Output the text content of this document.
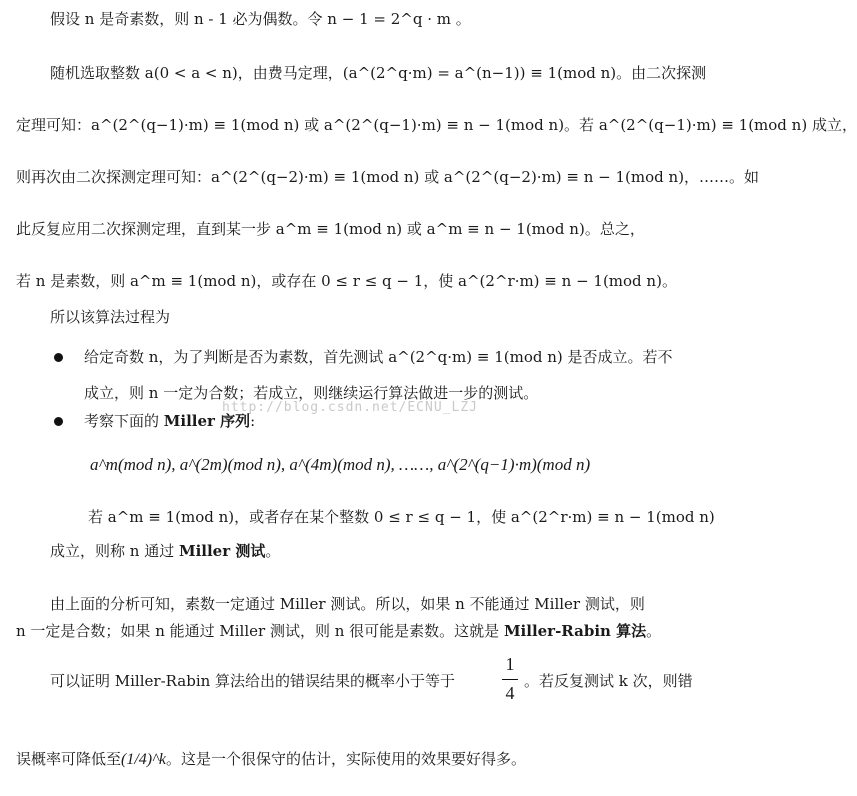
假设 n 是奇素数，则 n - 1 必为偶数。令 n − 1 = 2^q · m 。
随机选取整数 a(0 < a < n)，由费马定理，(a^(2^q·m) = a^(n−1)) ≡ 1(mod n)。由二次探测
定理可知：a^(2^(q−1)·m) ≡ 1(mod n) 或 a^(2^(q−1)·m) ≡ n − 1(mod n)。若 a^(2^(q−1)·m) ≡ 1(mod n) 成立，
则再次由二次探测定理可知：a^(2^(q−2)·m) ≡ 1(mod n) 或 a^(2^(q−2)·m) ≡ n − 1(mod n)，……。如
此反复应用二次探测定理，直到某一步 a^m ≡ 1(mod n) 或 a^m ≡ n − 1(mod n)。总之，
若 n 是素数，则 a^m ≡ 1(mod n)，或存在 0 ≤ r ≤ q − 1，使 a^(2^r·m) ≡ n − 1(mod n)。
所以该算法过程为
给定奇数 n，为了判断是否为素数，首先测试 a^(2^q·m) ≡ 1(mod n) 是否成立。若不
成立，则 n 一定为合数；若成立，则继续运行算法做进一步的测试。
http://blog.csdn.net/ECNU_LZJ
考察下面的 Miller 序列:
a^m(mod n), a^(2m)(mod n), a^(4m)(mod n), ……, a^(2^(q−1)·m)(mod n)
若 a^m ≡ 1(mod n)，或者存在某个整数 0 ≤ r ≤ q − 1，使 a^(2^r·m) ≡ n − 1(mod n)
成立，则称 n 通过 Miller 测试。
由上面的分析可知，素数一定通过 Miller 测试。所以，如果 n 不能通过 Miller 测试，则
n 一定是合数；如果 n 能通过 Miller 测试，则 n 很可能是素数。这就是 Miller-Rabin 算法。
可以证明 Miller-Rabin 算法给出的错误结果的概率小于等于
1
4
。若反复测试 k 次，则错
误概率可降低至(1/4)^k。这是一个很保守的估计，实际使用的效果要好得多。
